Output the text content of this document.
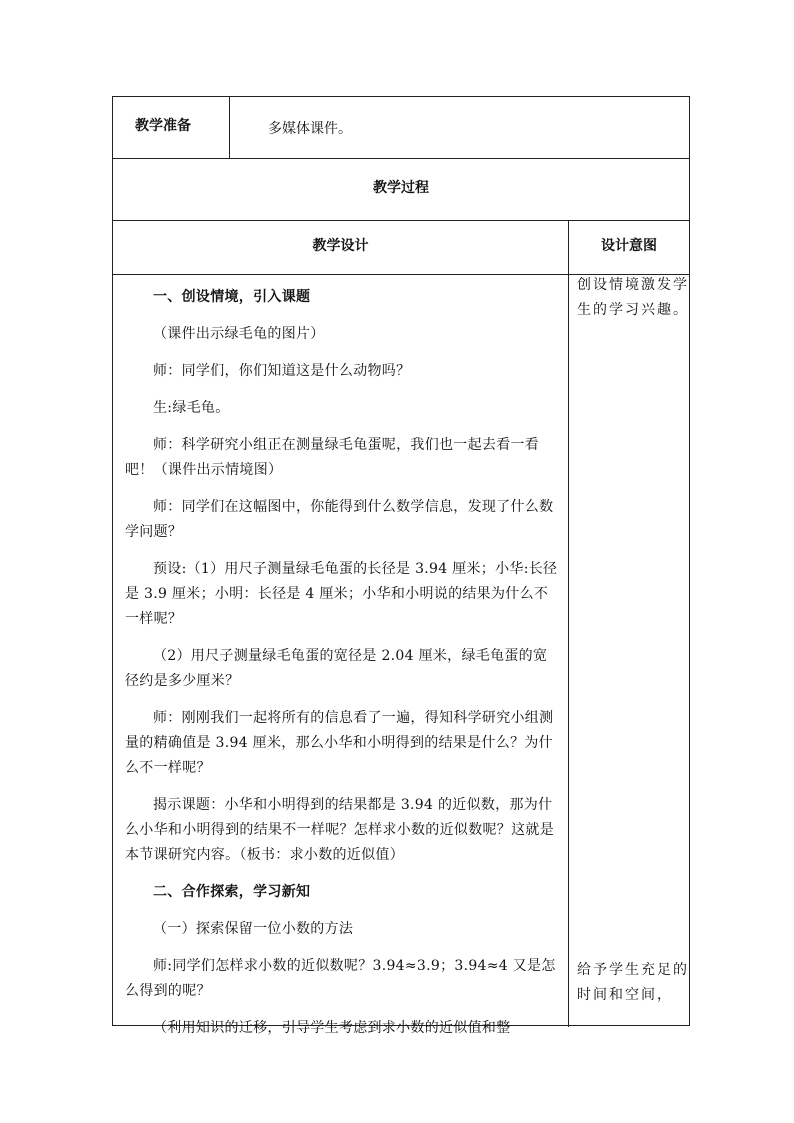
教学准备	多媒体课件。
教学过程
教学设计	设计意图

一、创设情境，引入课题

（课件出示绿毛龟的图片）

师：同学们，你们知道这是什么动物吗？

生:绿毛龟。

师：科学研究小组正在测量绿毛龟蛋呢，我们也一起去看一看吧！（课件出示情境图）

师：同学们在这幅图中，你能得到什么数学信息，发现了什么数学问题？

预设:（1）用尺子测量绿毛龟蛋的长径是 3.94 厘米；小华:长径是 3.9 厘米；小明：长径是 4 厘米；小华和小明说的结果为什么不一样呢？

（2）用尺子测量绿毛龟蛋的宽径是 2.04 厘米，绿毛龟蛋的宽径约是多少厘米？

师：刚刚我们一起将所有的信息看了一遍，得知科学研究小组测量的精确值是 3.94 厘米，那么小华和小明得到的结果是什么？为什么不一样呢？

揭示课题：小华和小明得到的结果都是 3.94 的近似数，那为什么小华和小明得到的结果不一样呢？怎样求小数的近似数呢？这就是本节课研究内容。（板书：求小数的近似值）

二、合作探索，学习新知

（一）探索保留一位小数的方法

师:同学们怎样求小数的近似数呢？3.94≈3.9；3.94≈4 又是怎么得到的呢？

（利用知识的迁移，引导学生考虑到求小数的近似值和整

创设情境激发学生的学习兴趣。
给予学生充足的时间和空间，
